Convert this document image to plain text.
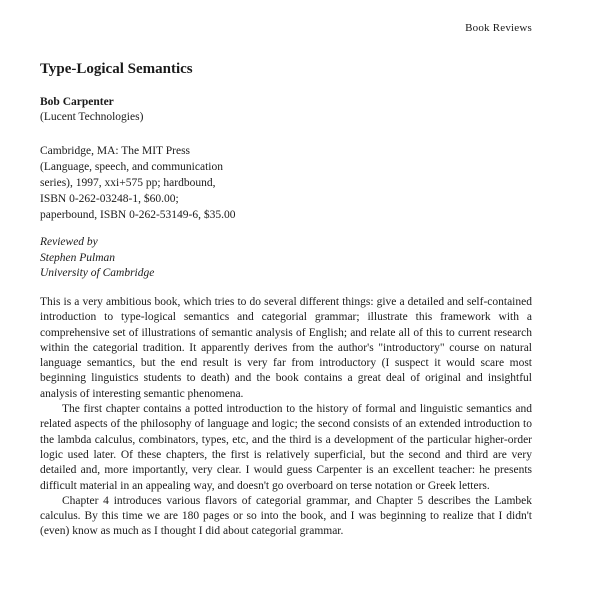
Book Reviews
Type-Logical Semantics
Bob Carpenter
(Lucent Technologies)
Cambridge, MA: The MIT Press
(Language, speech, and communication
series), 1997, xxi+575 pp; hardbound,
ISBN 0-262-03248-1, $60.00;
paperbound, ISBN 0-262-53149-6, $35.00
Reviewed by
Stephen Pulman
University of Cambridge

This is a very ambitious book, which tries to do several different things: give a detailed and self-contained introduction to type-logical semantics and categorial grammar; illustrate this framework with a comprehensive set of illustrations of semantic analysis of English; and relate all of this to current research within the categorial tradition. It apparently derives from the author's "introductory" course on natural language semantics, but the end result is very far from introductory (I suspect it would scare most beginning linguistics students to death) and the book contains a great deal of original and insightful analysis of interesting semantic phenomena.

The first chapter contains a potted introduction to the history of formal and linguistic semantics and related aspects of the philosophy of language and logic; the second consists of an extended introduction to the lambda calculus, combinators, types, etc, and the third is a development of the particular higher-order logic used later. Of these chapters, the first is relatively superficial, but the second and third are very detailed and, more importantly, very clear. I would guess Carpenter is an excellent teacher: he presents difficult material in an appealing way, and doesn't go overboard on terse notation or Greek letters.

Chapter 4 introduces various flavors of categorial grammar, and Chapter 5 describes the Lambek calculus. By this time we are 180 pages or so into the book, and I was beginning to realize that I didn't (even) know as much as I thought I did about categorial grammar.
